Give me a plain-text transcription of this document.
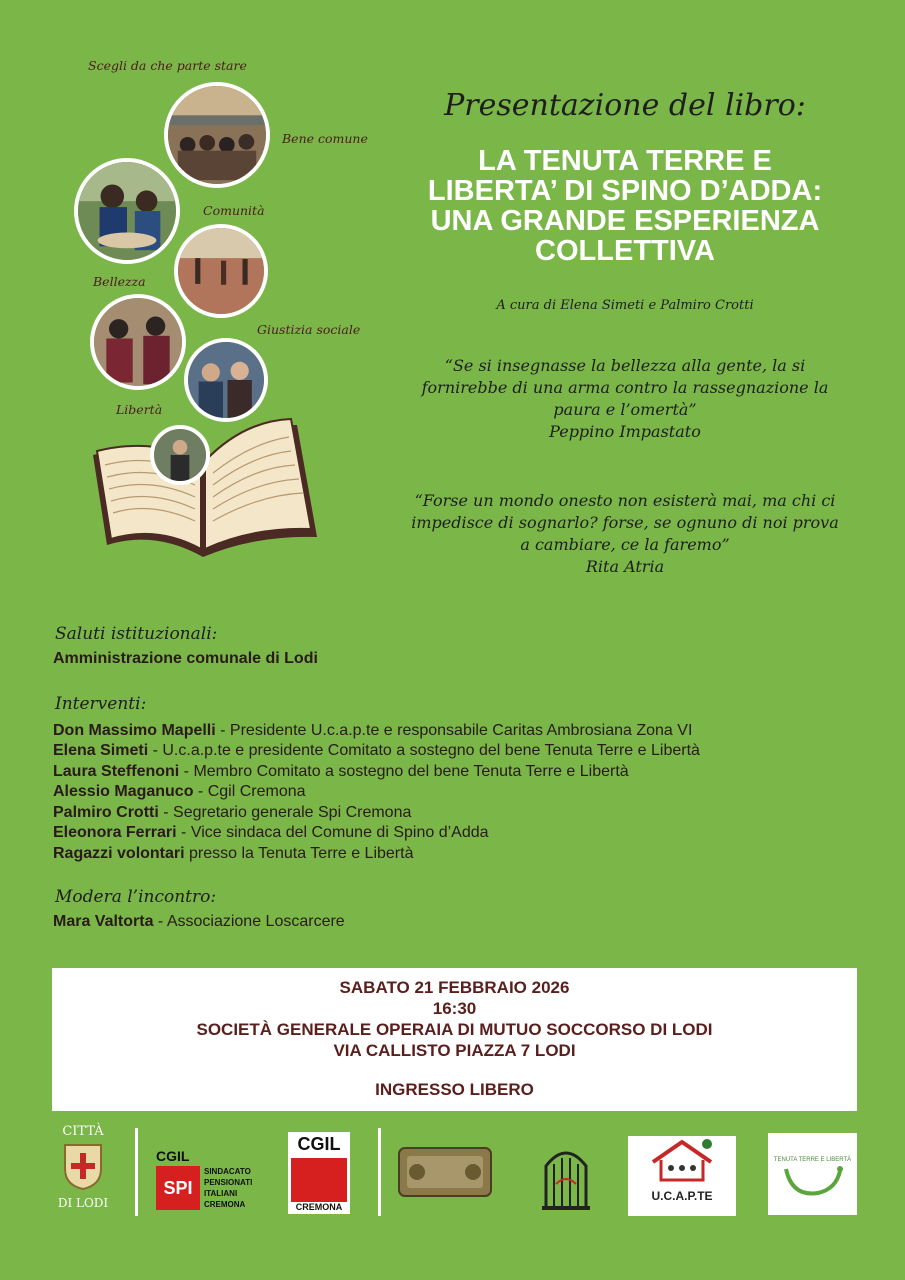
Scegli da che parte stare
Bene comune
Comunità
Bellezza
Giustizia sociale
Libertà
Presentazione del libro:
LA TENUTA TERRE E
LIBERTA’ DI SPINO D’ADDA:
UNA GRANDE ESPERIENZA
COLLETTIVA
A cura di Elena Simeti e Palmiro Crotti
“Se si insegnasse la bellezza alla gente, la si
fornirebbe di una arma contro la rassegnazione la
paura e l’omertà”
Peppino Impastato
“Forse un mondo onesto non esisterà mai, ma chi ci
impedisce di sognarlo? forse, se ognuno di noi prova
a cambiare, ce la faremo”
Rita Atria
Saluti istituzionali:
Amministrazione comunale di Lodi
Interventi:
Don Massimo Mapelli - Presidente U.c.a.p.te e responsabile Caritas Ambrosiana Zona VI
Elena Simeti - U.c.a.p.te e presidente Comitato a sostegno del bene Tenuta Terre e Libertà
Laura Steffenoni - Membro Comitato a sostegno del bene Tenuta Terre e Libertà
Alessio Maganuco - Cgil Cremona
Palmiro Crotti - Segretario generale Spi Cremona
Eleonora Ferrari - Vice sindaca del Comune di Spino d’Adda
Ragazzi volontari presso la Tenuta Terre e Libertà
Modera l’incontro:
Mara Valtorta - Associazione Loscarcere
SABATO 21 FEBBRAIO 2026
16:30
SOCIETÀ GENERALE OPERAIA DI MUTUO SOCCORSO DI LODI
VIA CALLISTO PIAZZA 7 LODI
INGRESSO LIBERO
CITTÀ
DI LODI
CGIL
SPI
SINDACATO
PENSIONATI
ITALIANI
CREMONA
CGIL
CREMONA
U.C.A.P.TE
TENUTA TERRE E LIBERTÀ
